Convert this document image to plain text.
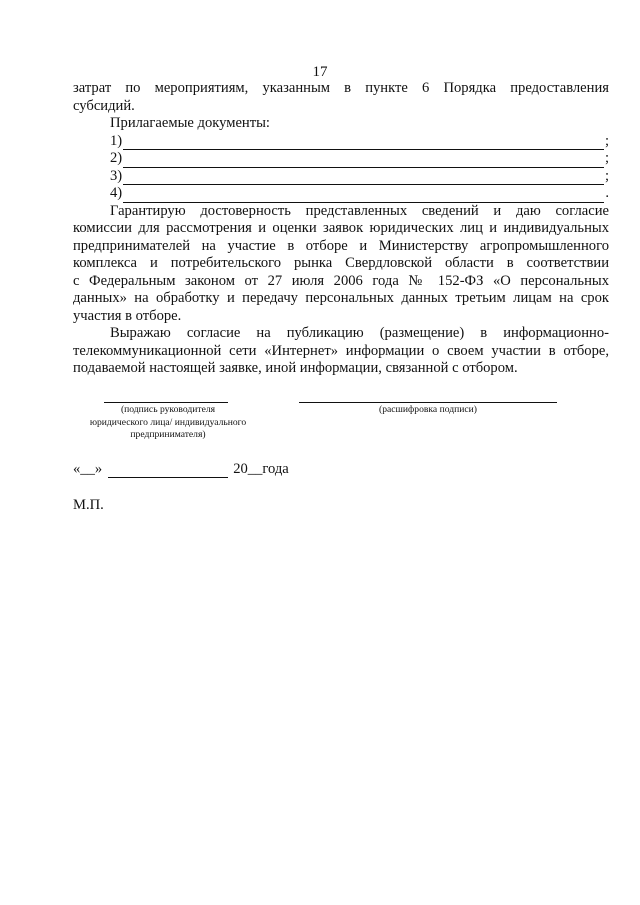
17

затрат по мероприятиям, указанным в пункте 6 Порядка предоставления

субсидий.

Прилагаемые документы:

1)	;
2)	;
3)	;
4)	.

Гарантирую достоверность представленных сведений и даю согласие

комиссии для рассмотрения и оценки заявок юридических лиц и индивидуальных

предпринимателей на участие в отборе и Министерству агропромышленного

комплекса и потребительского рынка Свердловской области в соответствии

с Федеральным законом от 27 июля 2006 года № 152-ФЗ «О персональных

данных» на обработку и передачу персональных данных третьим лицам на срок

участия в отборе.

Выражаю согласие на публикацию (размещение) в информационно-

телекоммуникационной сети «Интернет» информации о своем участии в отборе,

подаваемой настоящей заявке, иной информации, связанной с отбором.

(подпись руководителя
юридического лица/ индивидуального
предпринимателя)
(расшифровка подписи)
«__»	20__года
М.П.
